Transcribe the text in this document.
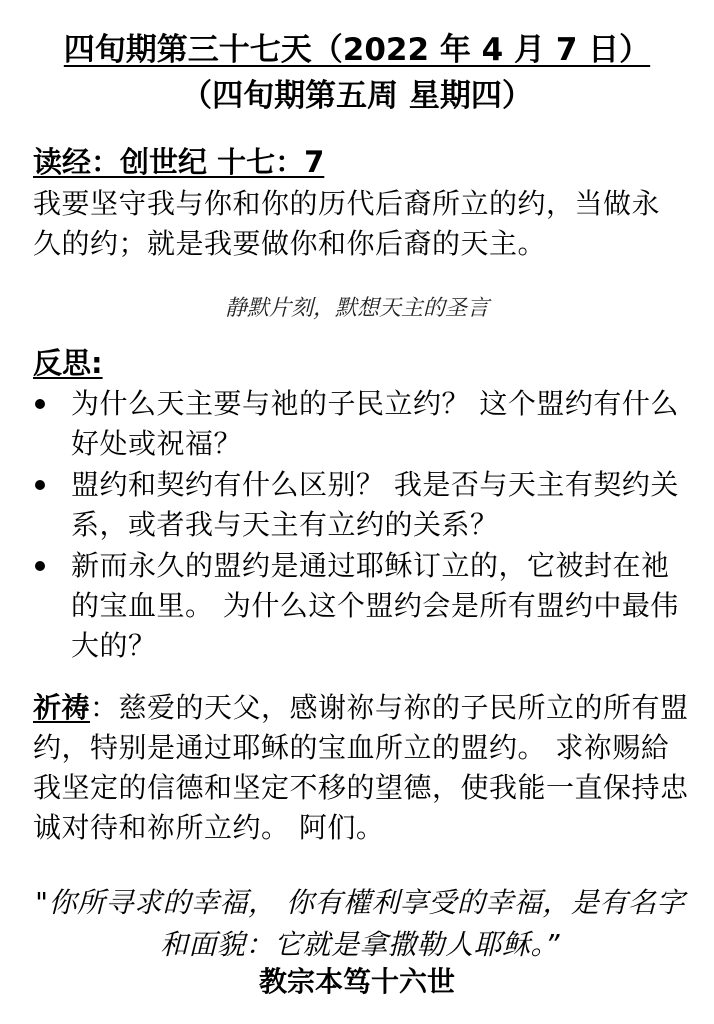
四旬期第三十七天（2022 年 4 月 7 日）
（四旬期第五周 星期四）
读经：创世纪 十七：7
我要坚守我与你和你的历代后裔所立的约，当做永久的约；就是我要做你和你后裔的天主。
静默片刻，默想天主的圣言
反思:
为什么天主要与祂的子民立约？ 这个盟约有什么好处或祝福？
盟约和契约有什么区别？ 我是否与天主有契约关系，或者我与天主有立约的关系？
新而永久的盟约是通过耶稣订立的，它被封在祂的宝血里。 为什么这个盟约会是所有盟约中最伟大的？
祈祷：慈爱的天父，感谢祢与祢的子民所立的所有盟约，特别是通过耶稣的宝血所立的盟约。 求祢赐給我坚定的信德和坚定不移的望德，使我能一直保持忠诚对待和祢所立约。 阿们。
"你所寻求的幸福， 你有權利享受的幸福，是有名字和面貌：它就是拿撒勒人耶稣。”
教宗本笃十六世
